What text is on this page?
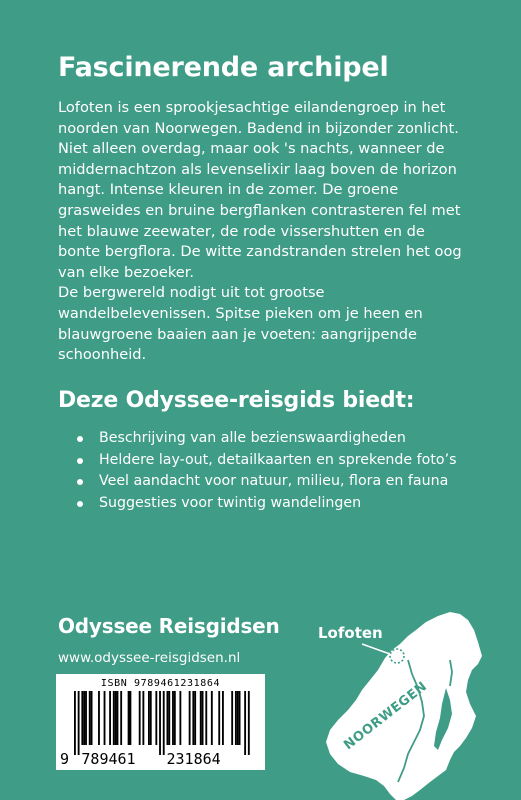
Fascinerende archipel

Lofoten is een sprookjesachtige eilandengroep in het noorden van Noorwegen. Badend in bijzonder zonlicht. Niet alleen overdag, maar ook 's nachts, wanneer de middernachtzon als levenselixir laag boven de horizon hangt. Intense kleuren in de zomer. De groene grasweides en bruine bergflanken contrasteren fel met het blauwe zeewater, de rode vissershutten en de bonte bergflora. De witte zandstranden strelen het oog van elke bezoeker.

De bergwereld nodigt uit tot grootse wandelbelevenissen. Spitse pieken om je heen en blauwgroene baaien aan je voeten: aangrijpende schoonheid.

Deze Odyssee-reisgids biedt:
Beschrijving van alle bezienswaardigheden
Heldere lay-out, detailkaarten en sprekende foto’s
Veel aandacht voor natuur, milieu, flora en fauna
Suggesties voor twintig wandelingen
Odyssee Reisgidsen
www.odyssee-reisgidsen.nl
9 789461 231864
ISBN 9789461231864	NOORWEGEN
Lofoten
